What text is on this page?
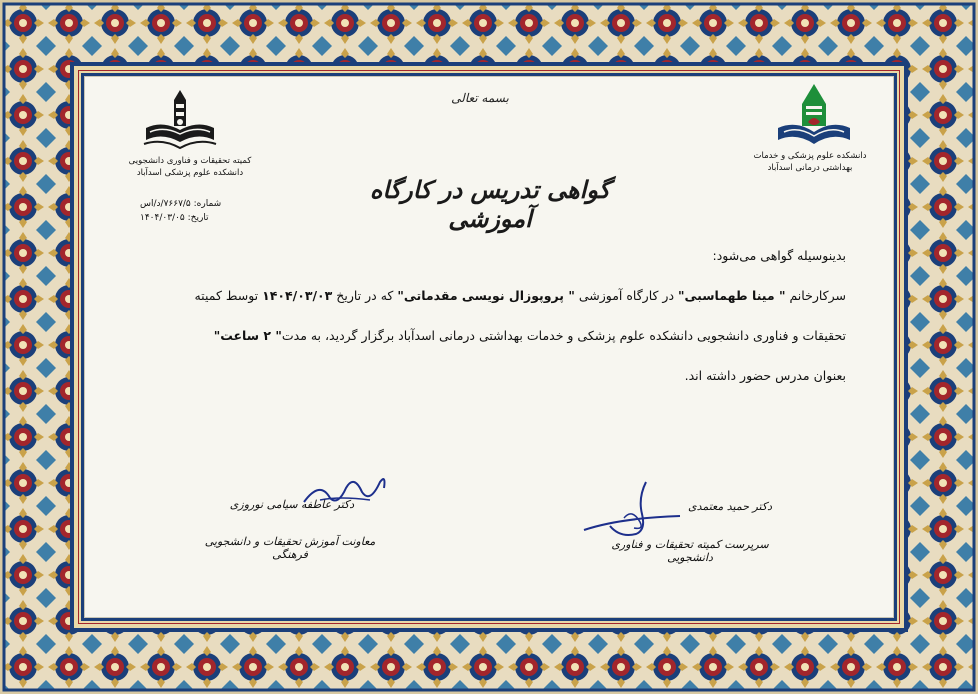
بسمه تعالی
کمیته تحقیقات و فناوری دانشجویی
دانشکده علوم پزشکی اسدآباد
شماره: ۷۶۶۷/۵/د/اس
تاریخ: ۱۴۰۴/۰۳/۰۵
دانشکده علوم پزشکی و خدمات
بهداشتی درمانی اسدآباد
گواهی تدریس در کارگاه آموزشی
بدینوسیله گواهی می‌شود:
سرکارخانم " مینا طهماسبی" در کارگاه آموزشی " پروپوزال نویسی مقدماتی" که در تاریخ ۱۴۰۴/۰۳/۰۳ توسط کمیته
تحقیقات و فناوری دانشجویی دانشکده علوم پزشکی و خدمات بهداشتی درمانی اسدآباد برگزار گردید، به مدت" ۲ ساعت"
بعنوان مدرس حضور داشته اند.
دکتر عاطفه سیامی نوروزی
معاونت آموزش تحقیقات و دانشجویی فرهنگی
دکتر حمید معتمدی
سرپرست کمیته تحقیقات و فناوری دانشجویی
